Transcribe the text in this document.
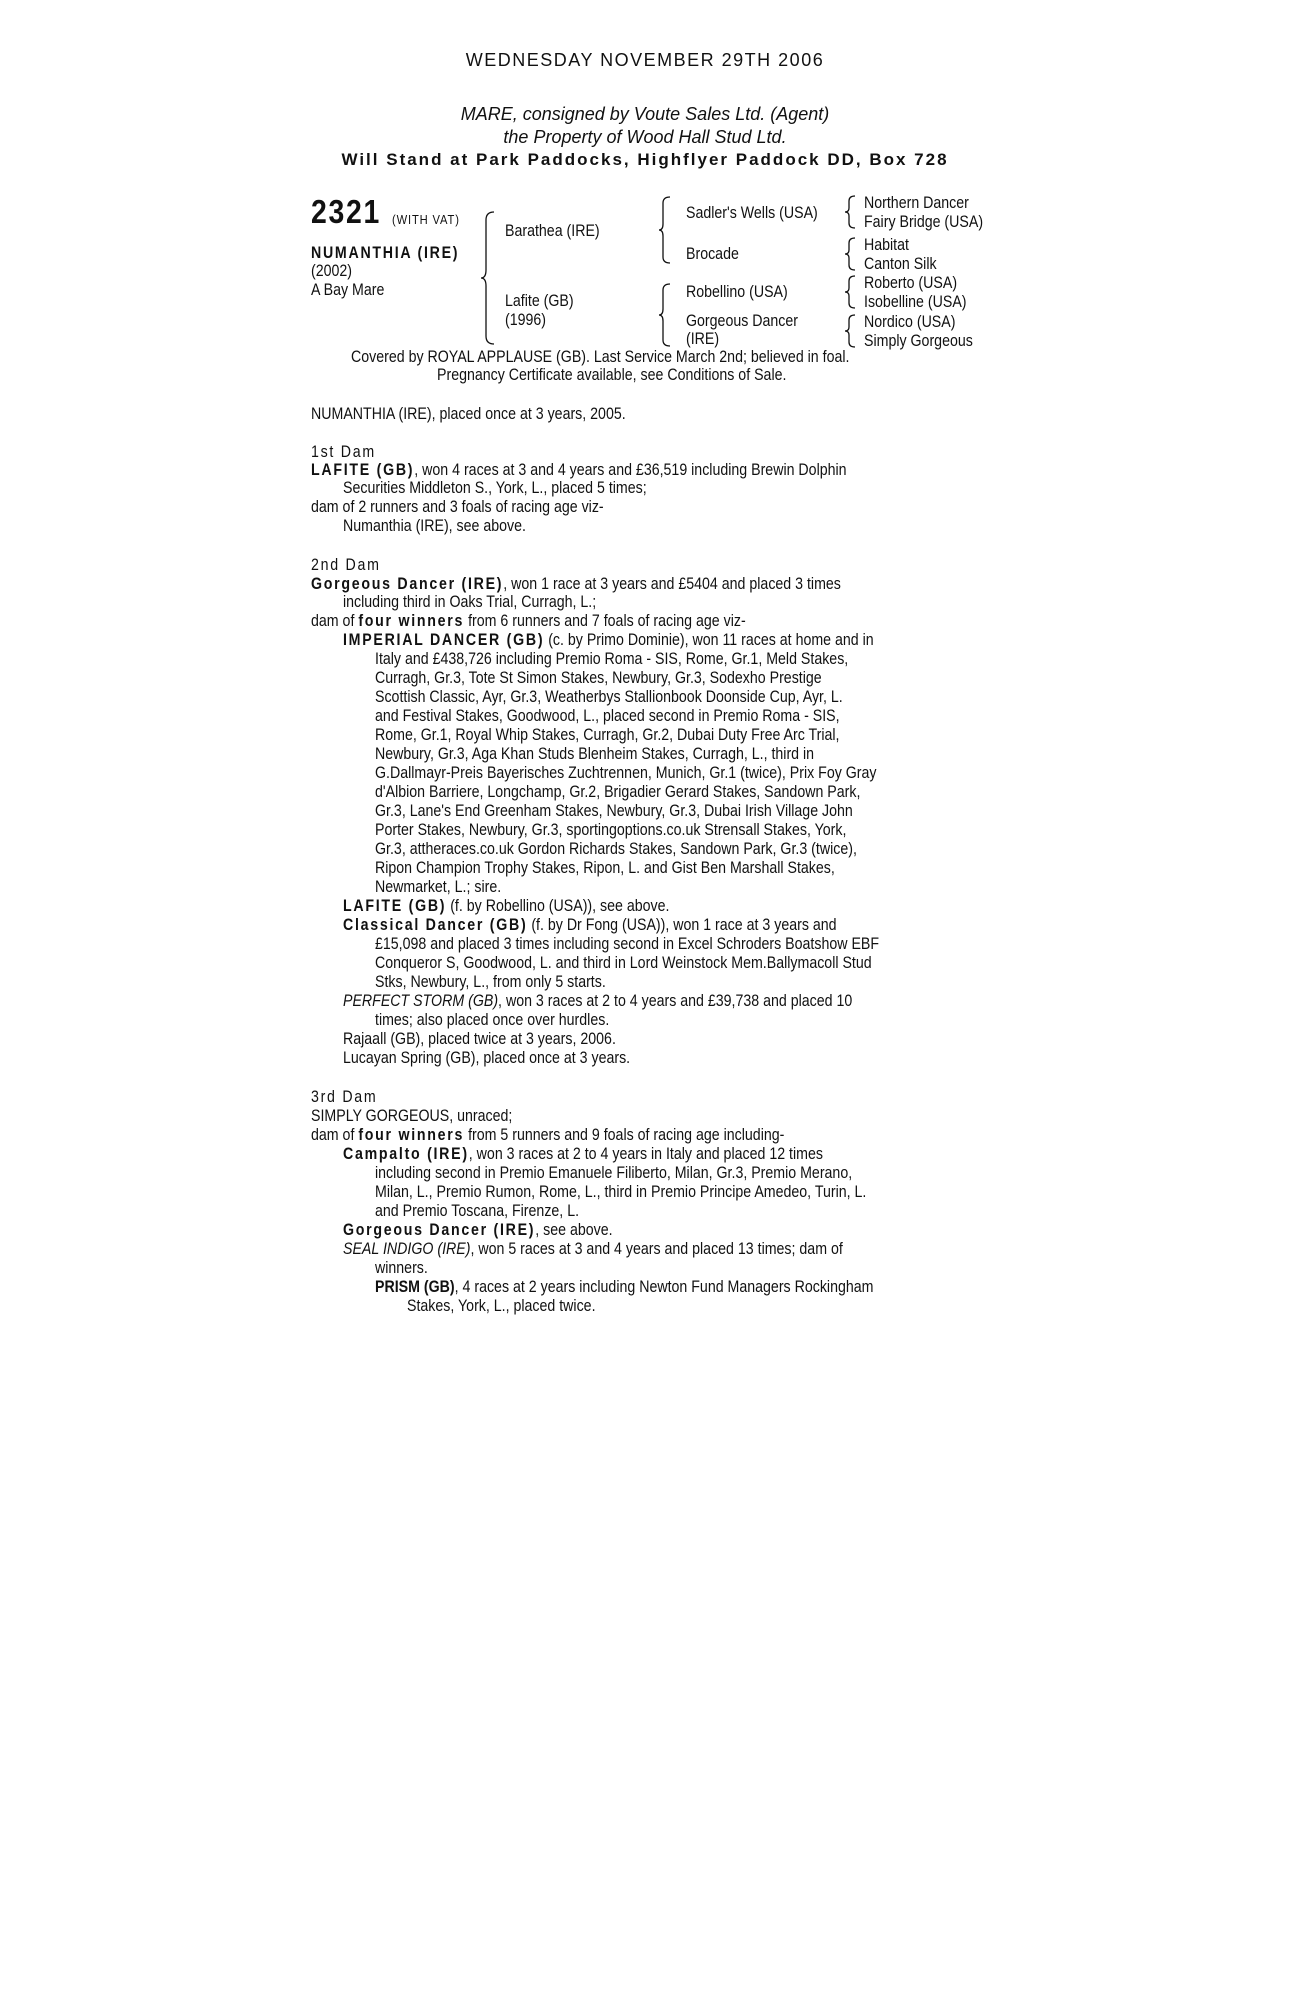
WEDNESDAY NOVEMBER 29TH 2006
MARE, consigned by Voute Sales Ltd. (Agent)
the Property of Wood Hall Stud Ltd.
Will Stand at Park Paddocks, Highflyer Paddock DD, Box 728
2321 (WITH VAT)
NUMANTHIA (IRE)
(2002)
A Bay Mare
Barathea (IRE)
Lafite (GB)
(1996)
Sadler's Wells (USA)
Brocade
Robellino (USA)
Gorgeous Dancer
(IRE)
Northern Dancer
Fairy Bridge (USA)
Habitat
Canton Silk
Roberto (USA)
Isobelline (USA)
Nordico (USA)
Simply Gorgeous
Covered by ROYAL APPLAUSE (GB). Last Service March 2nd; believed in foal.
Pregnancy Certificate available, see Conditions of Sale.
NUMANTHIA (IRE), placed once at 3 years, 2005.
1st Dam
LAFITE (GB), won 4 races at 3 and 4 years and £36,519 including Brewin Dolphin
Securities Middleton S., York, L., placed 5 times;
dam of 2 runners and 3 foals of racing age viz-
Numanthia (IRE), see above.
2nd Dam
Gorgeous Dancer (IRE), won 1 race at 3 years and £5404 and placed 3 times
including third in Oaks Trial, Curragh, L.;
dam of four winners from 6 runners and 7 foals of racing age viz-
IMPERIAL DANCER (GB) (c. by Primo Dominie), won 11 races at home and in
Italy and £438,726 including Premio Roma - SIS, Rome, Gr.1, Meld Stakes,
Curragh, Gr.3, Tote St Simon Stakes, Newbury, Gr.3, Sodexho Prestige
Scottish Classic, Ayr, Gr.3, Weatherbys Stallionbook Doonside Cup, Ayr, L.
and Festival Stakes, Goodwood, L., placed second in Premio Roma - SIS,
Rome, Gr.1, Royal Whip Stakes, Curragh, Gr.2, Dubai Duty Free Arc Trial,
Newbury, Gr.3, Aga Khan Studs Blenheim Stakes, Curragh, L., third in
G.Dallmayr-Preis Bayerisches Zuchtrennen, Munich, Gr.1 (twice), Prix Foy Gray
d'Albion Barriere, Longchamp, Gr.2, Brigadier Gerard Stakes, Sandown Park,
Gr.3, Lane's End Greenham Stakes, Newbury, Gr.3, Dubai Irish Village John
Porter Stakes, Newbury, Gr.3, sportingoptions.co.uk Strensall Stakes, York,
Gr.3, attheraces.co.uk Gordon Richards Stakes, Sandown Park, Gr.3 (twice),
Ripon Champion Trophy Stakes, Ripon, L. and Gist Ben Marshall Stakes,
Newmarket, L.; sire.
LAFITE (GB) (f. by Robellino (USA)), see above.
Classical Dancer (GB) (f. by Dr Fong (USA)), won 1 race at 3 years and
£15,098 and placed 3 times including second in Excel Schroders Boatshow EBF
Conqueror S, Goodwood, L. and third in Lord Weinstock Mem.Ballymacoll Stud
Stks, Newbury, L., from only 5 starts.
PERFECT STORM (GB), won 3 races at 2 to 4 years and £39,738 and placed 10
times; also placed once over hurdles.
Rajaall (GB), placed twice at 3 years, 2006.
Lucayan Spring (GB), placed once at 3 years.
3rd Dam
SIMPLY GORGEOUS, unraced;
dam of four winners from 5 runners and 9 foals of racing age including-
Campalto (IRE), won 3 races at 2 to 4 years in Italy and placed 12 times
including second in Premio Emanuele Filiberto, Milan, Gr.3, Premio Merano,
Milan, L., Premio Rumon, Rome, L., third in Premio Principe Amedeo, Turin, L.
and Premio Toscana, Firenze, L.
Gorgeous Dancer (IRE), see above.
SEAL INDIGO (IRE), won 5 races at 3 and 4 years and placed 13 times; dam of
winners.
PRISM (GB), 4 races at 2 years including Newton Fund Managers Rockingham
Stakes, York, L., placed twice.
